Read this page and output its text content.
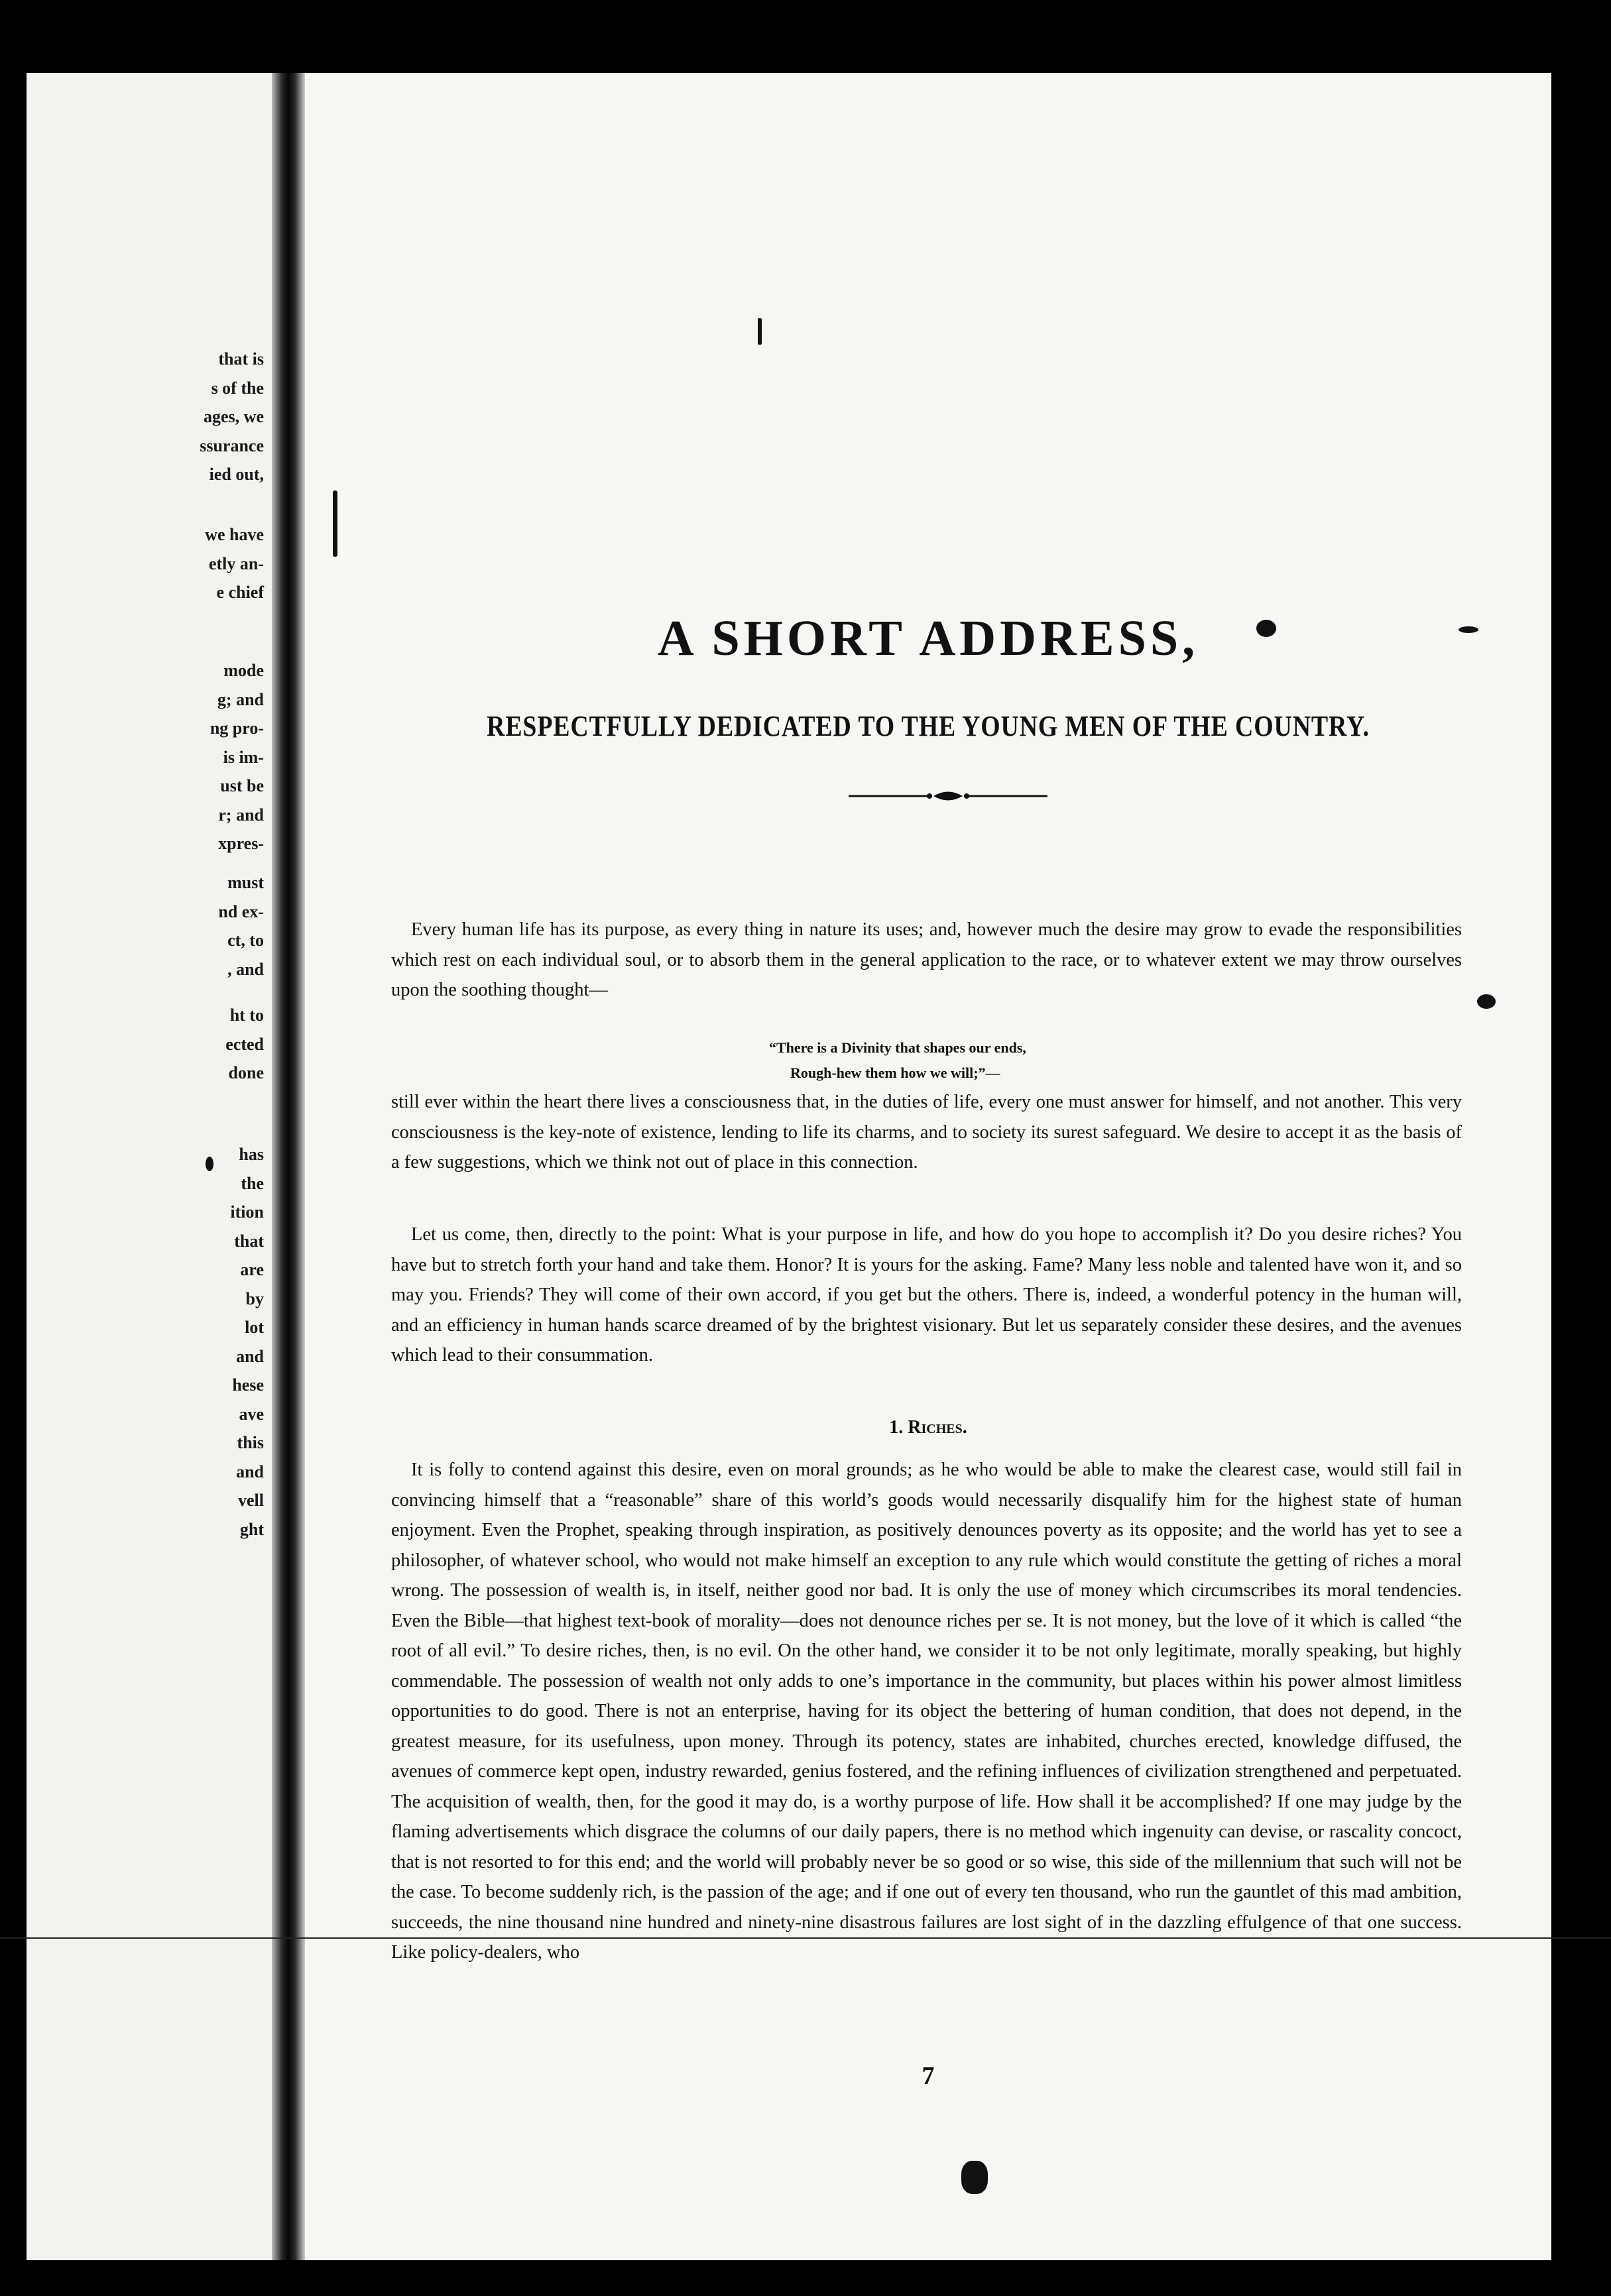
that is
s of the
ages, we
ssurance
ied out,
we have
etly an-
e chief
mode
g; and
ng pro-
is im-
ust be
r; and
xpres-
must
nd ex-
ct, to
, and
ht to
ected
done
has
the
ition
that
are
by
lot
and
hese
ave
this
and
vell
ght
A SHORT ADDRESS,
RESPECTFULLY DEDICATED TO THE YOUNG MEN OF THE COUNTRY.

Every human life has its purpose, as every thing in nature its uses; and, however much the desire may grow to evade the responsibilities which rest on each individual soul, or to absorb them in the general application to the race, or to whatever extent we may throw ourselves upon the soothing thought—

“There is a Divinity that shapes our ends,
Rough-hew them how we will;”—

still ever within the heart there lives a consciousness that, in the duties of life, every one must answer for himself, and not another. This very consciousness is the key-note of existence, lending to life its charms, and to society its surest safeguard. We desire to accept it as the basis of a few suggestions, which we think not out of place in this connection.

Let us come, then, directly to the point: What is your purpose in life, and how do you hope to accomplish it? Do you desire riches? You have but to stretch forth your hand and take them. Honor? It is yours for the asking. Fame? Many less noble and talented have won it, and so may you. Friends? They will come of their own accord, if you get but the others. There is, indeed, a wonderful potency in the human will, and an efficiency in human hands scarce dreamed of by the brightest visionary. But let us separately consider these desires, and the avenues which lead to their consummation.

1. Riches.

It is folly to contend against this desire, even on moral grounds; as he who would be able to make the clearest case, would still fail in convincing himself that a “reasonable” share of this world’s goods would necessarily disqualify him for the highest state of human enjoyment. Even the Prophet, speaking through inspiration, as positively denounces poverty as its opposite; and the world has yet to see a philosopher, of whatever school, who would not make himself an exception to any rule which would constitute the getting of riches a moral wrong. The possession of wealth is, in itself, neither good nor bad. It is only the use of money which circumscribes its moral tendencies. Even the Bible—that highest text-book of morality—does not denounce riches per se. It is not money, but the love of it which is called “the root of all evil.” To desire riches, then, is no evil. On the other hand, we consider it to be not only legitimate, morally speaking, but highly commendable. The possession of wealth not only adds to one’s importance in the community, but places within his power almost limitless opportunities to do good. There is not an enterprise, having for its object the bettering of human condition, that does not depend, in the greatest measure, for its usefulness, upon money. Through its potency, states are inhabited, churches erected, knowledge diffused, the avenues of commerce kept open, industry rewarded, genius fostered, and the refining influences of civilization strengthened and perpetuated. The acquisition of wealth, then, for the good it may do, is a worthy purpose of life. How shall it be accomplished? If one may judge by the flaming advertisements which disgrace the columns of our daily papers, there is no method which ingenuity can devise, or rascality concoct, that is not resorted to for this end; and the world will probably never be so good or so wise, this side of the millennium that such will not be the case. To become suddenly rich, is the passion of the age; and if one out of every ten thousand, who run the gauntlet of this mad ambition, succeeds, the nine thousand nine hundred and ninety-nine disastrous failures are lost sight of in the dazzling effulgence of that one success. Like policy-dealers, who

7
